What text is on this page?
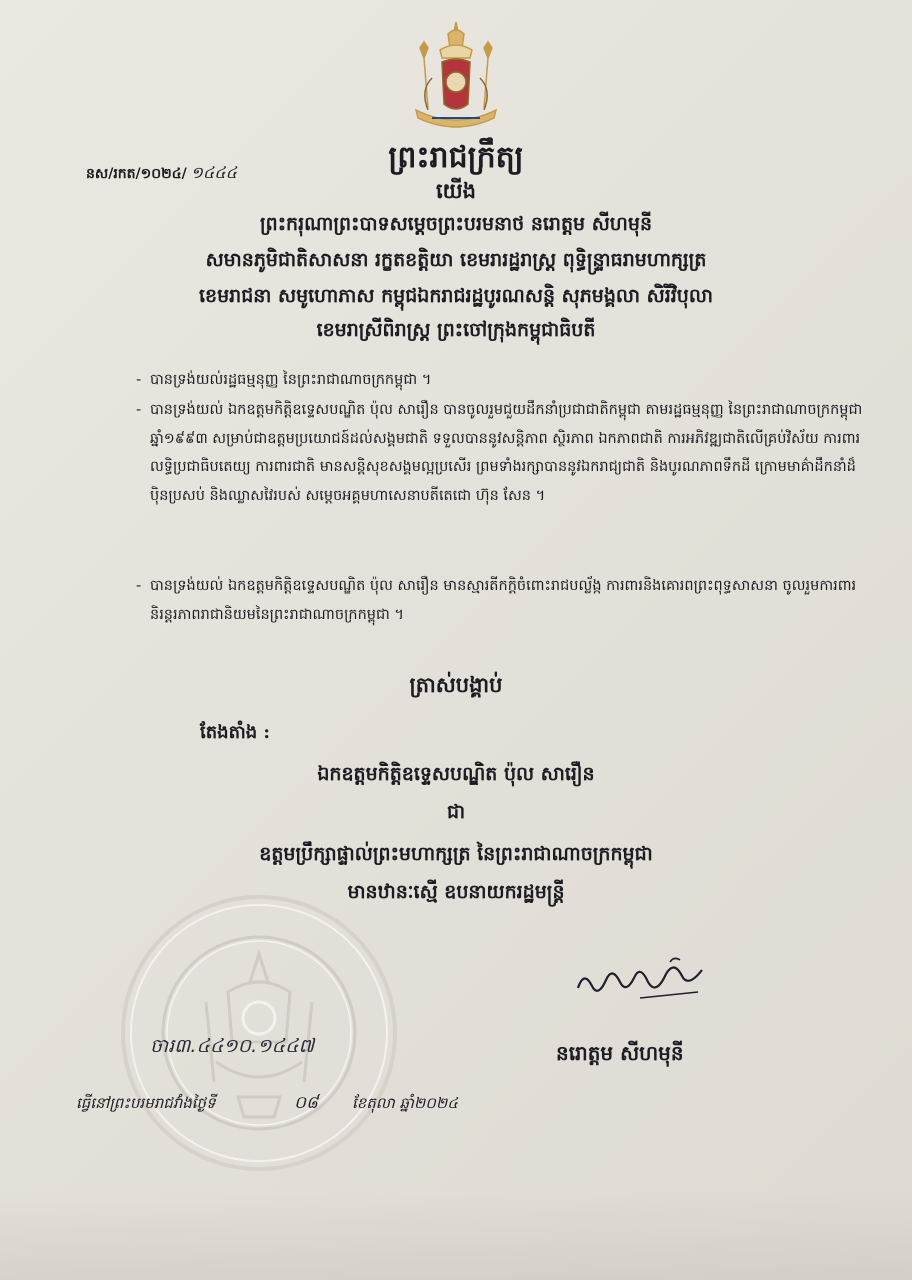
នស/រកត/១០២៤/ ១៤៤៤	ព្រះរាជក្រឹត្យ
យើង
ព្រះករុណាព្រះបាទសម្តេចព្រះបរមនាថ នរោត្តម សីហមុនី
សមានភូមិជាតិសាសនា រក្ខតខត្តិយា ខេមរារដ្ឋរាស្ត្រ ពុទ្ធិន្ទ្រាធរាមហាក្សត្រ
ខេមរាជនា សមូហោភាស កម្ពុជឯករាជរដ្ឋបូរណសន្តិ សុភមង្គលា សិរីវិបុលា
ខេមរាស្រីពិរាស្ត្រ ព្រះចៅក្រុងកម្ពុជាធិបតី
- បានទ្រង់យល់រដ្ឋធម្មនុញ្ញ នៃព្រះរាជាណាចក្រកម្ពុជា ។
- បានទ្រង់យល់ ឯកឧត្តមកិត្តិឧទ្ទេសបណ្ឌិត ប៉ុល សារឿន បានចូលរួមជួយដឹកនាំប្រជាជាតិកម្ពុជា តាមរដ្ឋធម្មនុញ្ញ នៃព្រះរាជាណាចក្រកម្ពុជា ឆ្នាំ១៩៩៣ សម្រាប់ជាឧត្តមប្រយោជន៍ដល់សង្គមជាតិ ទទួលបាននូវសន្តិភាព ស្ថិរភាព ឯកភាពជាតិ ការអភិវឌ្ឍជាតិលើគ្រប់វិស័យ ការពារលទ្ធិប្រជាធិបតេយ្យ ការពារជាតិ មានសន្តិសុខសង្គមល្អប្រសើរ ព្រមទាំងរក្សាបាននូវឯករាជ្យជាតិ និងបូរណភាពទឹកដី ក្រោមមាគ៌ាដឹកនាំដ៏ប៉ិនប្រសប់ និងឈ្លាសវៃរបស់ សម្តេចអគ្គមហាសេនាបតីតេជោ ហ៊ុន សែន ។
- បានទ្រង់យល់ ឯកឧត្តមកិត្តិឧទ្ទេសបណ្ឌិត ប៉ុល សារឿន មានស្មារតីកក្តិចំពោះរាជបល្ល័ង្ក ការពារនិងគោរពព្រះពុទ្ធសាសនា ចូលរួមការពារនិរន្តរភាពរាជានិយមនៃព្រះរាជាណាចក្រកម្ពុជា ។
ត្រាស់បង្គាប់
តែងតាំង :
ឯកឧត្តមកិត្តិឧទ្ទេសបណ្ឌិត ប៉ុល សារឿន
ជា
ឧត្តមប្រឹក្សាផ្ទាល់ព្រះមហាក្សត្រ នៃព្រះរាជាណាចក្រកម្ពុជា
មានឋានៈស្មើ ឧបនាយករដ្ឋមន្ត្រី
ចារ៣.៤៤១០.១៤៤៧	នរោត្តម សីហមុនី
ធ្វើនៅព្រះបរមរាជវាំងថ្ងៃទី	០៨ ខែតុលា ឆ្នាំ២០២៤
